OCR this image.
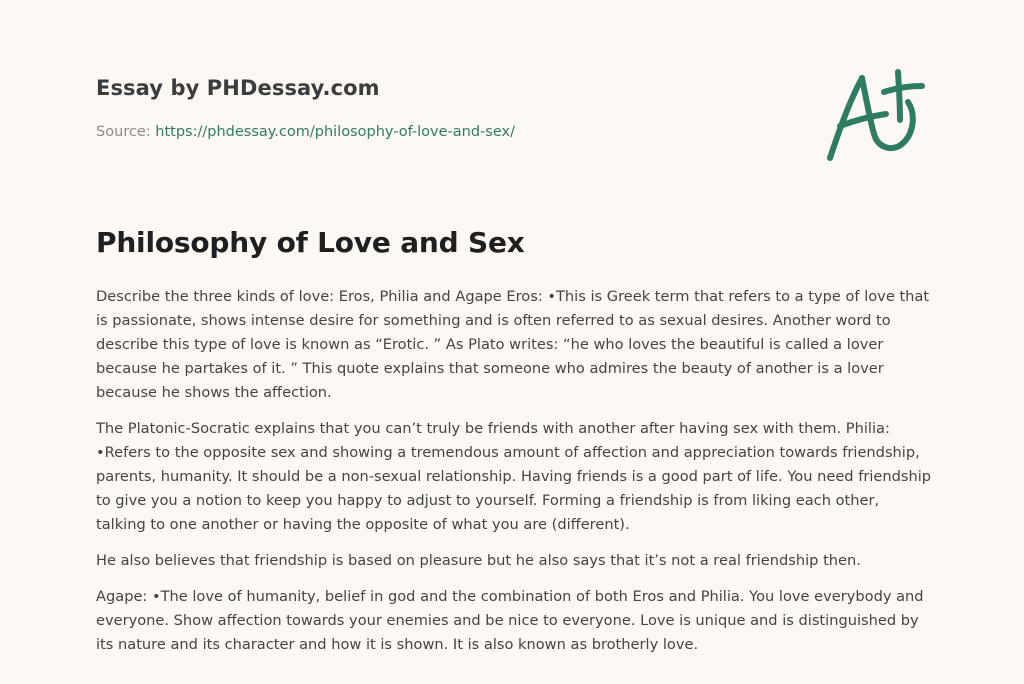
Essay by PHDessay.com
Source: https://phdessay.com/philosophy-of-love-and-sex/
Philosophy of Love and Sex

Describe the three kinds of love: Eros, Philia and Agape Eros: •This is Greek term that refers to a type of love that is passionate, shows intense desire for something and is often referred to as sexual desires. Another word to describe this type of love is known as “Erotic. ” As Plato writes: “he who loves the beautiful is called a lover because he partakes of it. ” This quote explains that someone who admires the beauty of another is a lover because he shows the affection.

The Platonic-Socratic explains that you can’t truly be friends with another after having sex with them. Philia: •Refers to the opposite sex and showing a tremendous amount of affection and appreciation towards friendship, parents, humanity. It should be a non-sexual relationship. Having friends is a good part of life. You need friendship to give you a notion to keep you happy to adjust to yourself. Forming a friendship is from liking each other, talking to one another or having the opposite of what you are (different).

He also believes that friendship is based on pleasure but he also says that it’s not a real friendship then.

Agape: •The love of humanity, belief in god and the combination of both Eros and Philia. You love everybody and everyone. Show affection towards your enemies and be nice to everyone. Love is unique and is distinguished by its nature and its character and how it is shown. It is also known as brotherly love.
